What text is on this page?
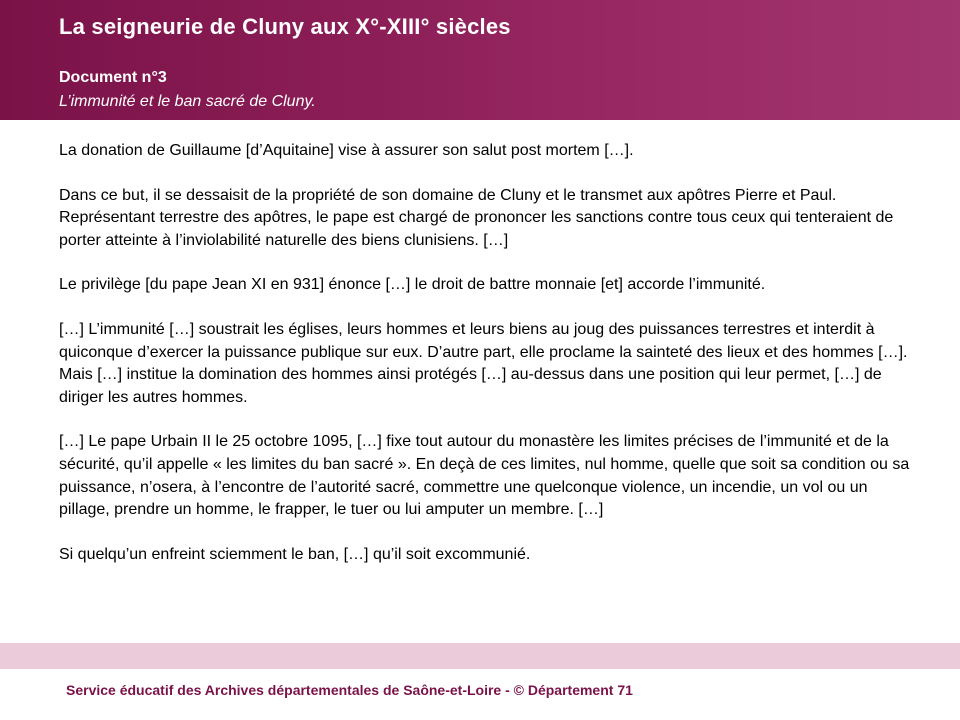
La seigneurie de Cluny aux X°-XIII° siècles
Document n°3
L’immunité et le ban sacré de Cluny.

La donation de Guillaume [d’Aquitaine] vise à assurer son salut post mortem […].

Dans ce but, il se dessaisit de la propriété de son domaine de Cluny et le transmet aux apôtres Pierre et Paul. Représentant terrestre des apôtres, le pape est chargé de prononcer les sanctions contre tous ceux qui tenteraient de porter atteinte à l’inviolabilité naturelle des biens clunisiens. […]

Le privilège [du pape Jean XI en 931] énonce […] le droit de battre monnaie [et] accorde l’immunité.

[…] L’immunité […] soustrait les églises, leurs hommes et leurs biens au joug des puissances terrestres et interdit à quiconque d’exercer la puissance publique sur eux. D’autre part, elle proclame la sainteté des lieux et des hommes […]. Mais […] institue la domination des hommes ainsi protégés […] au-dessus dans une position qui leur permet, […] de diriger les autres hommes.

[…] Le pape Urbain II le 25 octobre 1095, […] fixe tout autour du monastère les limites précises de l’immunité et de la sécurité, qu’il appelle « les limites du ban sacré ». En deçà de ces limites, nul homme, quelle que soit sa condition ou sa puissance, n’osera, à l’encontre de l’autorité sacré, commettre une quelconque violence, un incendie, un vol ou un pillage, prendre un homme, le frapper, le tuer ou lui amputer un membre. […]

Si quelqu’un enfreint sciemment le ban, […] qu’il soit excommunié.

Service éducatif des Archives départementales de Saône-et-Loire - © Département 71
